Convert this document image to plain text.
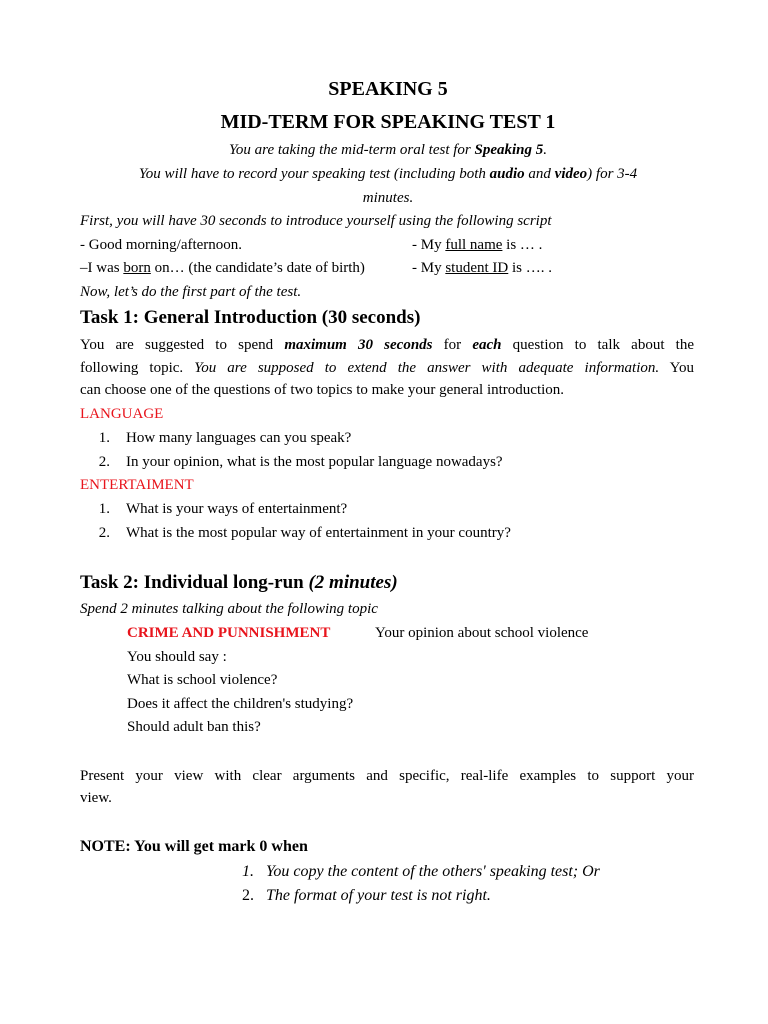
SPEAKING 5
MID-TERM FOR SPEAKING TEST 1
You are taking the mid-term oral test for Speaking 5.
You will have to record your speaking test (including both audio and video) for 3-4
minutes.
First, you will have 30 seconds to introduce yourself using the following script
- Good morning/afternoon.	- My full name is … .
–I was born on… (the candidate’s date of birth)	- My student ID is …. .
Now, let’s do the first part of the test.
Task 1: General Introduction (30 seconds)
You are suggested to spend maximum 30 seconds for each question to talk about the
following topic. You are supposed to extend the answer with adequate information. You
can choose one of the questions of two topics to make your general introduction.
LANGUAGE
1. How many languages can you speak?
2. In your opinion, what is the most popular language nowadays?
ENTERTAIMENT
1. What is your ways of entertainment?
2. What is the most popular way of entertainment in your country?
Task 2: Individual long-run (2 minutes)
Spend 2 minutes talking about the following topic
CRIME AND PUNNISHMENT	Your opinion about school violence
You should say :
What is school violence?
Does it affect the children's studying?
Should adult ban this?
Present your view with clear arguments and specific, real-life examples to support your
view.
NOTE: You will get mark 0 when
1. You copy the content of the others' speaking test; Or
2. The format of your test is not right.
